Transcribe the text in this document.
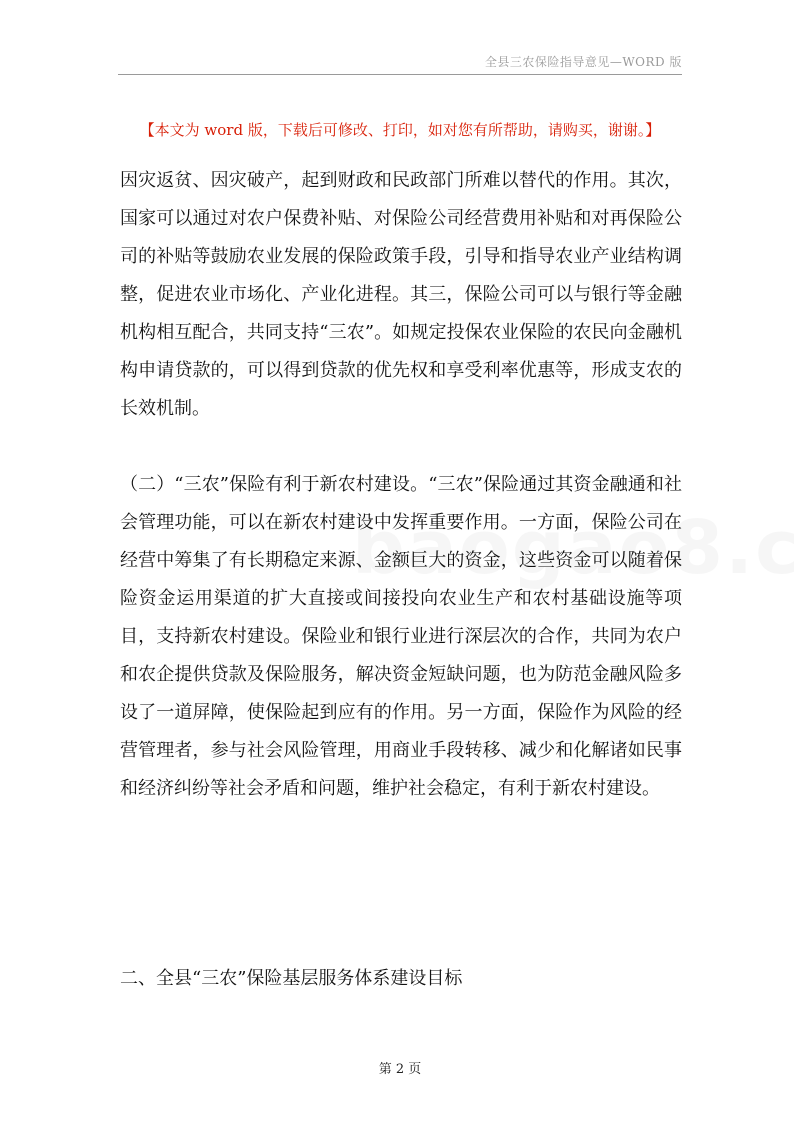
全县三农保险指导意见—WORD 版
【本文为 word 版，下载后可修改、打印，如对您有所帮助，请购买，谢谢。】

因灾返贫、因灾破产，起到财政和民政部门所难以替代的作用。其次，国家可以通过对农户保费补贴、对保险公司经营费用补贴和对再保险公司的补贴等鼓励农业发展的保险政策手段，引导和指导农业产业结构调整，促进农业市场化、产业化进程。其三，保险公司可以与银行等金融机构相互配合，共同支持“三农”。如规定投保农业保险的农民向金融机构申请贷款的，可以得到贷款的优先权和享受利率优惠等，形成支农的长效机制。

（二）“三农”保险有利于新农村建设。“三农”保险通过其资金融通和社会管理功能，可以在新农村建设中发挥重要作用。一方面，保险公司在经营中筹集了有长期稳定来源、金额巨大的资金，这些资金可以随着保险资金运用渠道的扩大直接或间接投向农业生产和农村基础设施等项目，支持新农村建设。保险业和银行业进行深层次的合作，共同为农户和农企提供贷款及保险服务，解决资金短缺问题，也为防范金融风险多设了一道屏障，使保险起到应有的作用。另一方面，保险作为风险的经营管理者，参与社会风险管理，用商业手段转移、减少和化解诸如民事和经济纠纷等社会矛盾和问题，维护社会稳定，有利于新农村建设。

二、全县“三农”保险基层服务体系建设目标
第 2 页
